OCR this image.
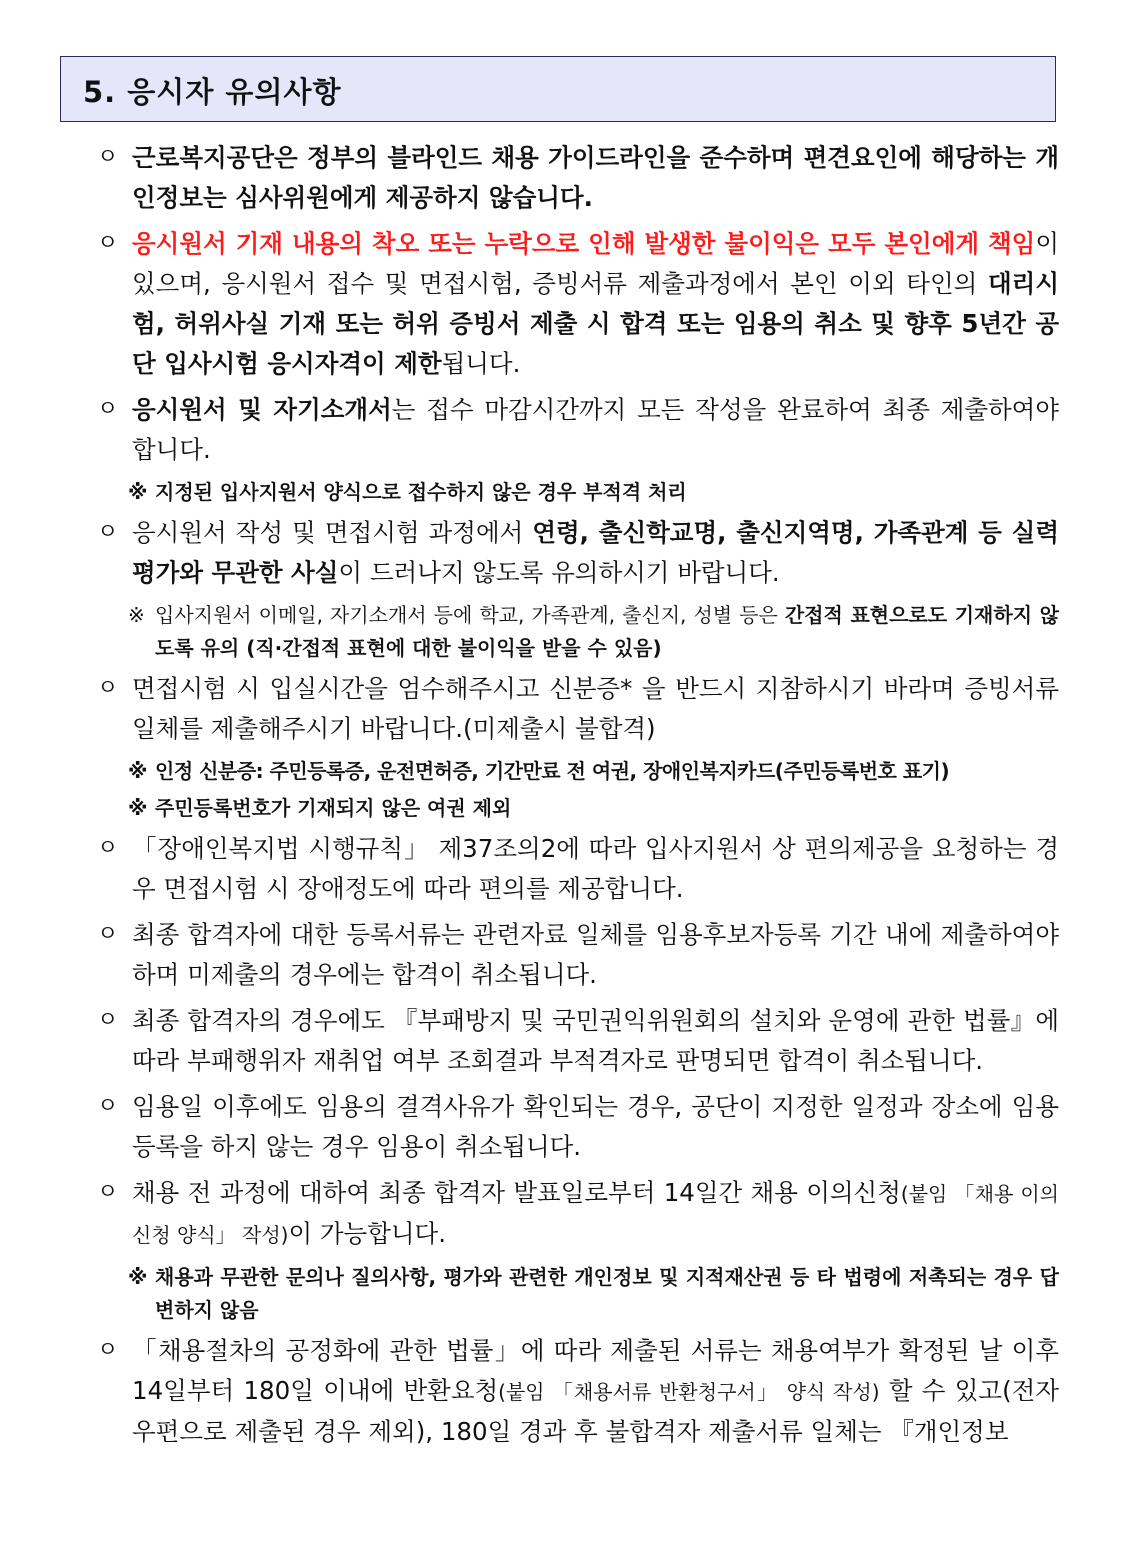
5. 응시자 유의사항
ㅇ 근로복지공단은 정부의 블라인드 채용 가이드라인을 준수하며 편견요인에 해당하는 개인정보는 심사위원에게 제공하지 않습니다.
ㅇ 응시원서 기재 내용의 착오 또는 누락으로 인해 발생한 불이익은 모두 본인에게 책임이 있으며, 응시원서 접수 및 면접시험, 증빙서류 제출과정에서 본인 이외 타인의 대리시험, 허위사실 기재 또는 허위 증빙서 제출 시 합격 또는 임용의 취소 및 향후 5년간 공단 입사시험 응시자격이 제한됩니다.
ㅇ 응시원서 및 자기소개서는 접수 마감시간까지 모든 작성을 완료하여 최종 제출하여야 합니다.
※ 지정된 입사지원서 양식으로 접수하지 않은 경우 부적격 처리
ㅇ 응시원서 작성 및 면접시험 과정에서 연령, 출신학교명, 출신지역명, 가족관계 등 실력평가와 무관한 사실이 드러나지 않도록 유의하시기 바랍니다.
※ 입사지원서 이메일, 자기소개서 등에 학교, 가족관계, 출신지, 성별 등은 간접적 표현으로도 기재하지 않도록 유의 (직·간접적 표현에 대한 불이익을 받을 수 있음)
ㅇ 면접시험 시 입실시간을 엄수해주시고 신분증* 을 반드시 지참하시기 바라며 증빙서류 일체를 제출해주시기 바랍니다.(미제출시 불합격)
※ 인정 신분증: 주민등록증, 운전면허증, 기간만료 전 여권, 장애인복지카드(주민등록번호 표기)
※ 주민등록번호가 기재되지 않은 여권 제외
ㅇ 「장애인복지법 시행규칙」 제37조의2에 따라 입사지원서 상 편의제공을 요청하는 경우 면접시험 시 장애정도에 따라 편의를 제공합니다.
ㅇ 최종 합격자에 대한 등록서류는 관련자료 일체를 임용후보자등록 기간 내에 제출하여야 하며 미제출의 경우에는 합격이 취소됩니다.
ㅇ 최종 합격자의 경우에도 『부패방지 및 국민권익위원회의 설치와 운영에 관한 법률』에 따라 부패행위자 재취업 여부 조회결과 부적격자로 판명되면 합격이 취소됩니다.
ㅇ 임용일 이후에도 임용의 결격사유가 확인되는 경우, 공단이 지정한 일정과 장소에 임용등록을 하지 않는 경우 임용이 취소됩니다.
ㅇ 채용 전 과정에 대하여 최종 합격자 발표일로부터 14일간 채용 이의신청(붙임 「채용 이의신청 양식」 작성)이 가능합니다.
※ 채용과 무관한 문의나 질의사항, 평가와 관련한 개인정보 및 지적재산권 등 타 법령에 저촉되는 경우 답변하지 않음
ㅇ 「채용절차의 공정화에 관한 법률」에 따라 제출된 서류는 채용여부가 확정된 날 이후 14일부터 180일 이내에 반환요청(붙임 「채용서류 반환청구서」 양식 작성) 할 수 있고(전자우편으로 제출된 경우 제외), 180일 경과 후 불합격자 제출서류 일체는 『개인정보
